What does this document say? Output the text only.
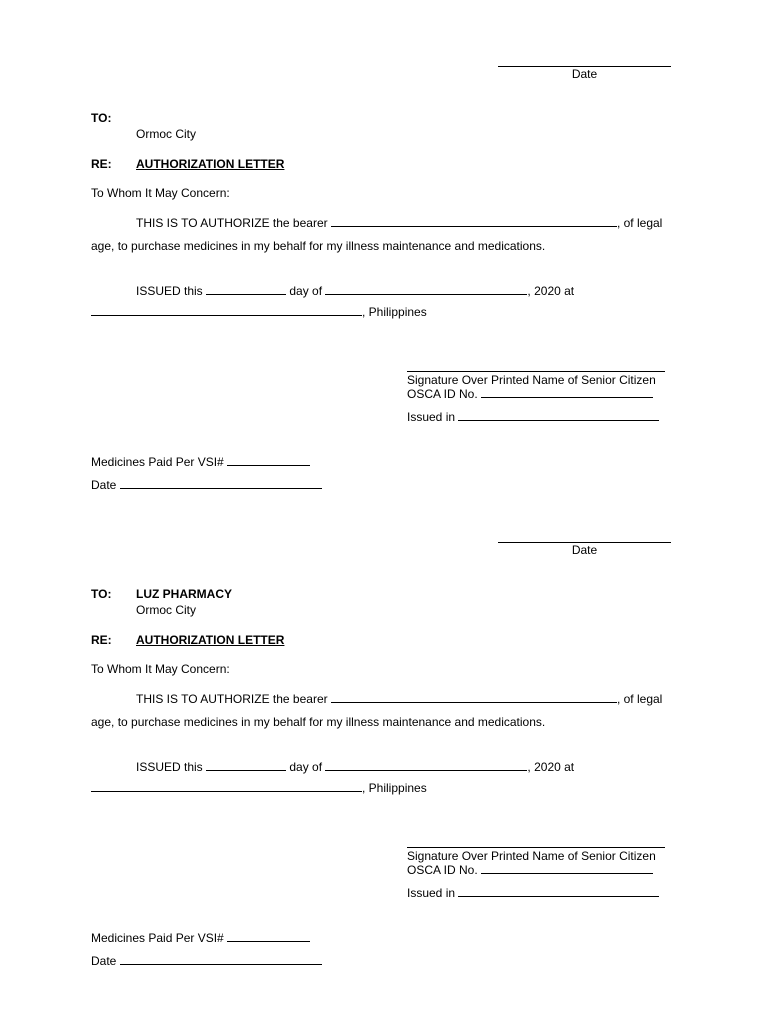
Date
TO:
Ormoc City
RE: AUTHORIZATION LETTER
To Whom It May Concern:
THIS IS TO AUTHORIZE the bearer	, of legal
age, to purchase medicines in my behalf for my illness maintenance and medications.
ISSUED this	day of	, 2020 at
, Philippines
Signature Over Printed Name of Senior Citizen
OSCA ID No.
Issued in
Medicines Paid Per VSI#
Date
Date
TO: LUZ PHARMACY
Ormoc City
RE: AUTHORIZATION LETTER
To Whom It May Concern:
THIS IS TO AUTHORIZE the bearer	, of legal
age, to purchase medicines in my behalf for my illness maintenance and medications.
ISSUED this	day of	, 2020 at
, Philippines
Signature Over Printed Name of Senior Citizen
OSCA ID No.
Issued in
Medicines Paid Per VSI#
Date
